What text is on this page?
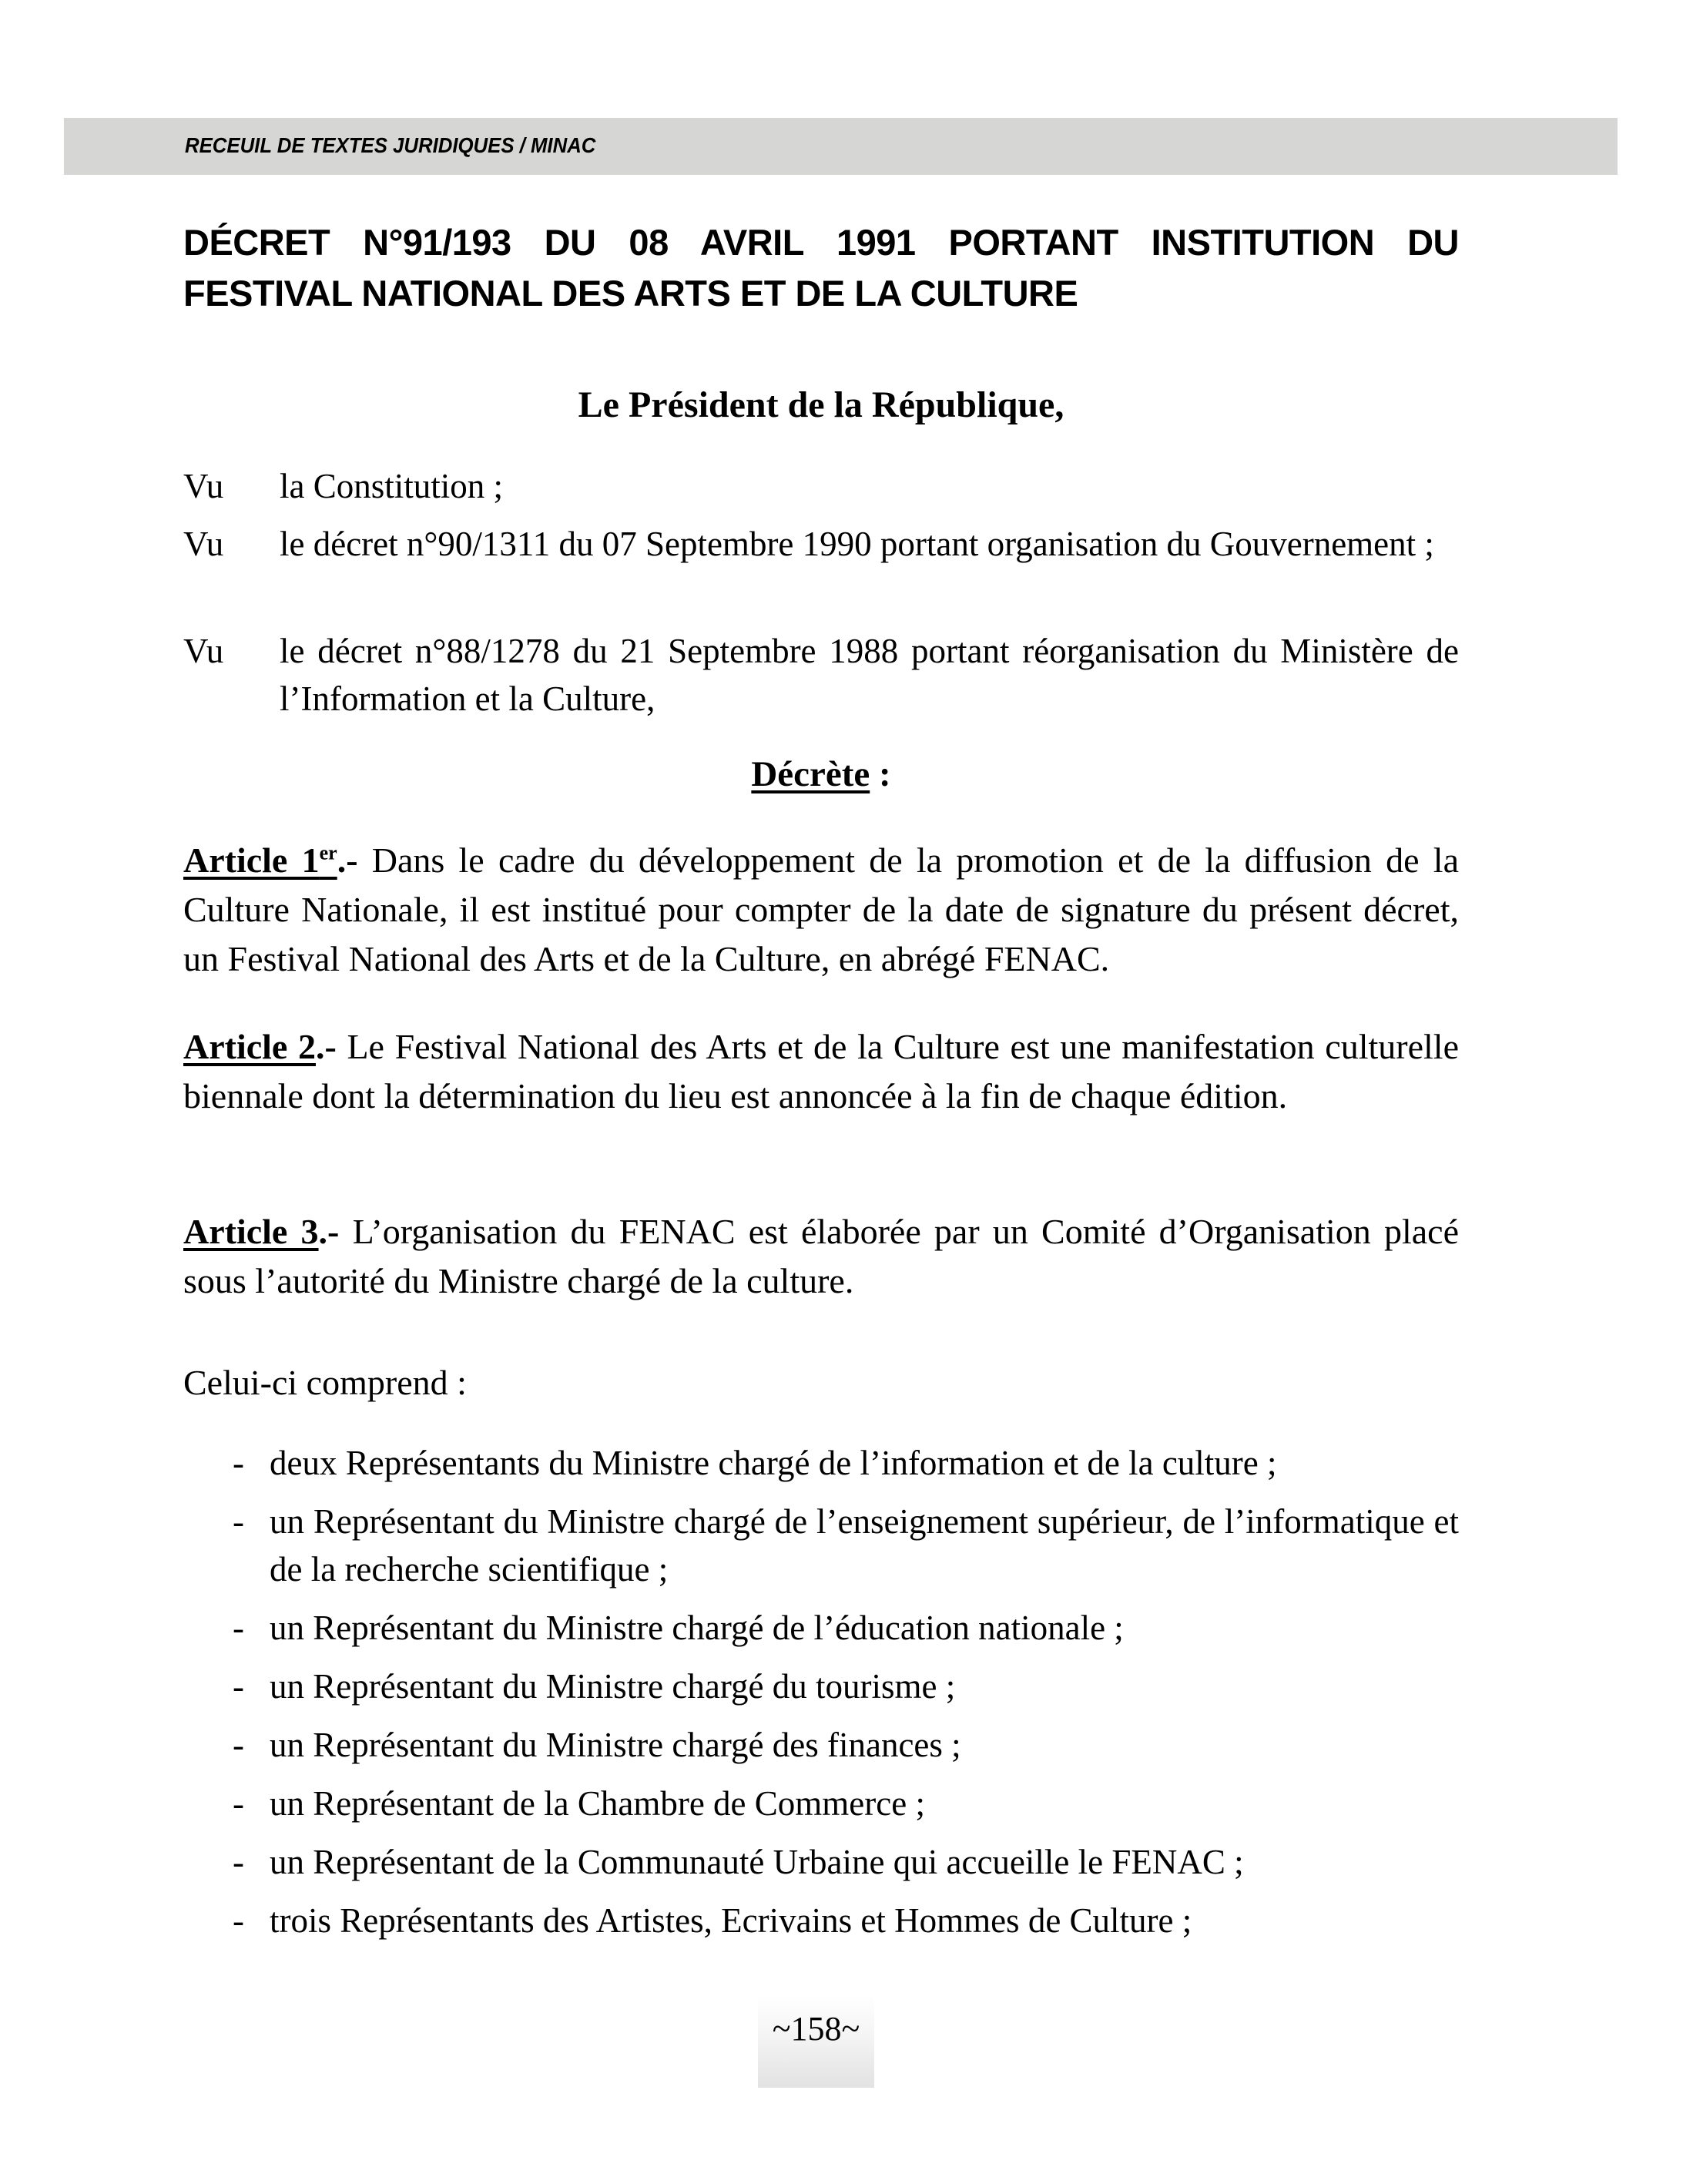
RECEUIL DE TEXTES JURIDIQUES / MINAC
DÉCRET N°91/193 DU 08 AVRIL 1991 PORTANT INSTITUTION DU
FESTIVAL NATIONAL DES ARTS ET DE LA CULTURE
Le Président de la République,
Vu la Constitution ;
Vu le décret n°90/1311 du 07 Septembre 1990 portant organisation du Gouvernement ;
Vu le décret n°88/1278 du 21 Septembre 1988 portant réorganisation du Ministère de l’Information et la Culture,
Décrète :
Article 1er.- Dans le cadre du développement de la promotion et de la diffusion de la Culture Nationale, il est institué pour compter de la date de signature du présent décret, un Festival National des Arts et de la Culture, en abrégé FENAC.
Article 2.- Le Festival National des Arts et de la Culture est une manifestation culturelle biennale dont la détermination du lieu est annoncée à la fin de chaque édition.
Article 3.- L’organisation du FENAC est élaborée par un Comité d’Organisation placé sous l’autorité du Ministre chargé de la culture.
Celui-ci comprend :
- deux Représentants du Ministre chargé de l’information et de la culture ;
- un Représentant du Ministre chargé de l’enseignement supérieur, de l’informatique et de la recherche scientifique ;
- un Représentant du Ministre chargé de l’éducation nationale ;
- un Représentant du Ministre chargé du tourisme ;
- un Représentant du Ministre chargé des finances ;
- un Représentant de la Chambre de Commerce ;
- un Représentant de la Communauté Urbaine qui accueille le FENAC ;
- trois Représentants des Artistes, Ecrivains et Hommes de Culture ;
~158~
